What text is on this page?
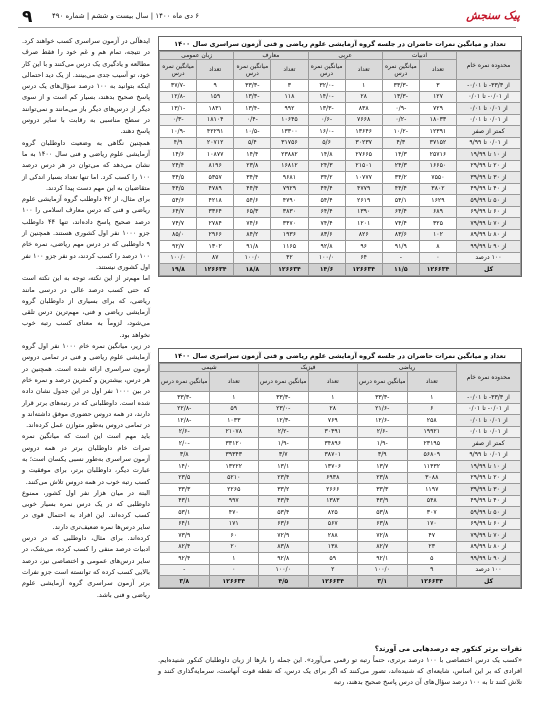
۹	۶ دی ماه ۱۴۰۰ | سال بیست و ششم | شماره ۴۹۰	پیک سنجش

ایدهآلی در آزمون سراسری کسب خواهند کرد. در نتیجه، تمام هم و غم خود را فقط صرف مطالعه و یادگیری یک درس می‌کنند و با این کار خود، تو آسیب جدی می‌بینند. از یک دید احتمالی اینکه بتوانید به ۱۰۰ درصد سؤال‌های یک درس پاسخ صحیح بدهند، بسیار کم است و از سوی دیگر از درس‌های دیگر باز می‌مانند و نمی‌توانند در سطح مناسبی به رقابت با سایر دروس پاسخ دهند.

همچنین نگاهی به وضعیت داوطلبان گروه آزمایشی علوم ریاضی و فنی سال ۱۴۰۰ به ما نشان می‌دهد که می‌توان در هر درس درصد ۱۰۰ را کسب کرد. اما تنها تعداد بسیار اندکی از متقاضیان به این مهم دست پیدا کردند.

برای مثال، از ۴۲ داوطلب گروه آزمایشی علوم ریاضی و فنی که درس معارف اسلامی را ۱۰۰ درصد صحیح پاسخ داده‌اند، تنها ۴۴ داوطلب جزو ۱۰۰۰ نفر اول کشوری هستند. همچنین از ۹ داوطلبی که در درس مهم ریاضی، نمره خام ۱۰۰ درصد را کسب کردند، دو نفر جزو ۱۰۰ نفر اول کشوری نیستند.

اما مهم‌تر از این نکته، توجه به این نکته است که حتی کسب درصد عالی در درسی مانند ریاضی، که برای بسیاری از داوطلبان گروه آزمایشی ریاضی و فنی، مهم‌ترین درس تلقی می‌شود، لزوماً به معنای کسب رتبه خوب نخواهد بود.

در زیر، میانگین نمره خام ۱۰۰۰ نفر اول گروه آزمایشی علوم ریاضی و فنی در تمامی دروس آزمون سراسری ارائه شده است. همچنین در هر درس، بیشترین و کمترین درصد و نمره خام در بین ۱۰۰۰ نفر اول در این جدول نشان داده شده است. داوطلبانی که در رتبه‌های برتر قرار دارند، در همه دروس حضوری موفق داشته‌اند و در تمامی دروس به‌طور متوازن عمل کرده‌اند.

باید مهم است این است که میانگین نمره تمرات خام داوطلبان برتر در همه دروس آزمون سراسری به‌طور نسبی یکسان است؛ به عبارت دیگر، داوطلبان برتر، برای موفقیت و کسب رتبه خوب در همه دروس تلاش می‌کنند.

البته در میان هزار نفر اول کشور، ممنوع داوطلبی که در یک درس نمره بسیار خوبی کسب کرده‌اند. این افراد به احتمال قوی در سایر درس‌ها نمره ضعیف‌تری دارند.

کرده‌اند. برای مثال، داوطلبی که در درس ادبیات درصد منفی را کسب کرده، می‌شک، در سایر درس‌های عمومی و اختصاصی نیز، درصد بالایی کسب کرده که توانسته است جزو نفرات برتر آزمون سراسری گروه آزمایشی علوم ریاضی و فنی باشد.

تعداد و میانگین نمرات حاضران در جلسه گروه آزمایشی علوم ریاضی و فنی آزمون سراسری سال ۱۴۰۰
محدوده نمره خام	ادبیات		عربی		معارف		زبان عمومی	
	تعداد	میانگین نمره درس	تعداد	میانگین نمره درس	تعداد	میانگین نمره درس	تعداد	میانگین نمره درس
از ۳۳/۳- تا ۰/۰۱-	۳	-۳۳/۳	۱	-۳۲/۰	۳	-۳۳/۳	۹	-۳۷/۷
از ۰/۰۱- تا ۰/۰۱	۱۲۷	-۱۳/۳	۲۸	-۱۴/۰	۱۱۸	-۱۳/۳	۱۵۹	-۱۲/۸
از ۰/۰۱ تا ۰/۰۱	۷۲۹	-۰/۹	۸۳۸	-۱۳/۳	۹۹۲	-۱۳/۴	۱۸۳۱	-۱۳/۱
از ۰/۰۱ تا ۰/۰۱	۱۸۰۳۳	-۰/۲	۷۶۶۸	-۰/۶	۱۰۶۴۵	-۰/۴	۱۸۱۰۴	-۰/۳
کمتر از صفر	۱۲۳۹۱	-۱۰/۲	۱۳۶۴۶	-۱۶/۰	۱۳۳۰۰	-۱۰/۵	۴۲۲۹۱	-۱۰/۹
از ۰/۰۱ تا ۹/۹۹	۳۷۱۵۲	۴/۳	۳۰۲۳۷	۵/۶	۳۱۷۵۶	۵/۴	۲۰۷۱۲	۴/۹
از ۱۰ تا ۱۹/۹۹	۲۵۷۱۶	۱۴/۳	۲۷۶۶۵	۱۴/۸	۲۳۸۸۲	۱۴/۴	۱۰۸۷۷	۱۴/۶
از ۲۰ تا ۲۹/۹۹	۱۶۶۵۰	۲۴/۳	۲۱۵۰۱	۲۴/۳	۱۶۸۱۲	۲۳/۸	۸۱۹۶	۲۴/۴
از ۳۰ تا ۳۹/۹۹	۷۵۵۰	۳۴/۲	۱۰۷۷۷	۳۴/۲	۹۶۸۱	۳۴/۴	۵۳۵۷	۳۴/۵
از ۴۰ تا ۴۹/۹۹	۳۸۰۲	۴۴/۴	۴۷۷۹	۴۴/۴	۷۹۲۹	۴۴/۴	۴۷۸۹	۴۴/۵
از ۵۰ تا ۵۹/۹۹	۱۶۲۹	۵۴/۱	۲۶۱۹	۵۴/۴	۴۷۹۰	۵۴/۶	۴۲۱۸	۵۴/۶
از ۶۰ تا ۶۹/۹۹	۶۸۹	۶۴/۴	۱۳۹۰	۶۴/۴	۳۸۳۰	۶۵/۳	۳۳۶۴	۶۴/۷
از ۷۰ تا ۷۹/۹۹	۳۲۵	۷۴/۴	۱۲۰۱	۷۴/۴	۳۴۷۰	۷۴/۶	۲۷۸۴	۷۴/۷
از ۸۰ تا ۸۹/۹۹	۱۰۲	۸۳/۶	۸۲۶	۸۳/۶	۱۹۳۶	۸۴/۲	۲۹۶۶	۸۵/۰
از ۹۰ تا ۹۹/۹۹	۸	۹۱/۹	۹۶	۹۲/۸	۱۱۶۵	۹۱/۸	۱۳۰۲	۹۲/۷
۱۰۰ درصد	۰	-	۶۴	۱۰۰/۰	۴۲	۱۰۰/۰	۸۷	۱۰۰/۰
کل	۱۲۶۶۳۴	۱۱/۵	۱۲۶۶۳۴	۱۴/۶	۱۲۶۶۳۴	۱۸/۸	۱۲۶۶۳۴	۱۹/۸
تعداد و میانگین نمرات حاضران در جلسه گروه آزمایشی علوم ریاضی و فنی آزمون سراسری سال ۱۴۰۰
محدوده نمره خام	ریاضی		فیزیک		شیمی	
	تعداد	میانگین نمره درس	تعداد	میانگین نمره درس	تعداد	میانگین نمره درس
از ۳۳/۳- تا ۰/۰۱-	۱	-۳۳/۳	۱	-۳۳/۳	۱	-۳۳/۳
از ۰/۰۱- تا ۰/۰۱	۶	-۲۱/۶	۲۸	-۲۳/۰	۵۹	-۲۲/۸
از ۰/۰۱ تا ۰/۰۱	۲۵۸	-۱۲/۶	۷۶۹	-۱۲/۳	۱۰۳۳	-۱۲/۸
از ۰/۰۱ تا ۰/۰۱	۱۹۹۲۱	-۲/۶	۳۰۴۹۱	-۲/۲	۲۱۰۷۸	-۲/۶
کمتر از صفر	۲۳۱۹۵	-۱/۹	۳۴۸۹۶	-۱/۹	۳۳۱۲۰	-۲/۰
از ۰/۰۱ تا ۹/۹۹	۵۶۸۰۹	۳/۹	۳۸۷۰۱	۳/۷	۳۹۳۴۳	۳/۸
از ۱۰ تا ۱۹/۹۹	۱۱۴۳۲	۱۳/۷	۱۳۷۰۶	۱۳/۱	۱۳۲۲۲	۱۴/۰
از ۲۰ تا ۲۹/۹۹	۳۰۸۸	۲۳/۸	۶۹۳۸	۲۳/۴	۵۲۱۰	۲۳/۵
از ۳۰ تا ۳۹/۹۹	۱۱۹۷	۳۳/۳	۲۶۶۶	۳۳/۲	۲۲۶۵	۳۳/۳
از ۴۰ تا ۴۹/۹۹	۵۴۸	۴۳/۹	۱۳۸۳	۴۳/۴	۹۹۷	۴۳/۱
از ۵۰ تا ۵۹/۹۹	۳۰۷	۵۳/۸	۸۲۵	۵۳/۴	۴۷۰	۵۳/۱
از ۶۰ تا ۶۹/۹۹	۱۷۰	۶۳/۸	۵۶۷	۶۳/۶	۱۷۱	۶۴/۱
از ۷۰ تا ۷۹/۹۹	۴۷	۷۲/۸	۲۸۸	۷۲/۹	۶۰	۷۳/۹
از ۸۰ تا ۸۹/۹۹	۲۳	۸۲/۷	۱۳۸	۸۳/۸	۲۰	۸۲/۴
از ۹۰ تا ۹۹/۹۹	۵	۹۲/۱	۵۹	۹۲/۸	۱	۹۲/۴
۱۰۰ درصد	۹	۱۰۰/۰	۲	۱۰۰/۰	۰	-
کل	۱۲۶۶۳۴	۳/۱	۱۲۶۶۳۴	۴/۵	۱۲۶۶۳۴	۳/۸
نفرات برتر کنکور چه درصدهایی می آورند؟
«کسب یک درس اختصاصی با ۱۰۰ درصد برتری، حتماً رتبه تو رقمی می‌آورد». این جمله را بارها از زبان داوطلبان کنکور شنیده‌ایم. افرادی که بر این اساس، شایعه‌ای که شنیده‌اند، تصور می‌کنند که اگر برای یک درس، که نقطه قوت آنهاست، سرمایه‌گذاری کنند و تلاش کنند تا به ۱۰۰ درصد سؤال‌های آن درس پاسخ صحیح بدهند، رتبه
